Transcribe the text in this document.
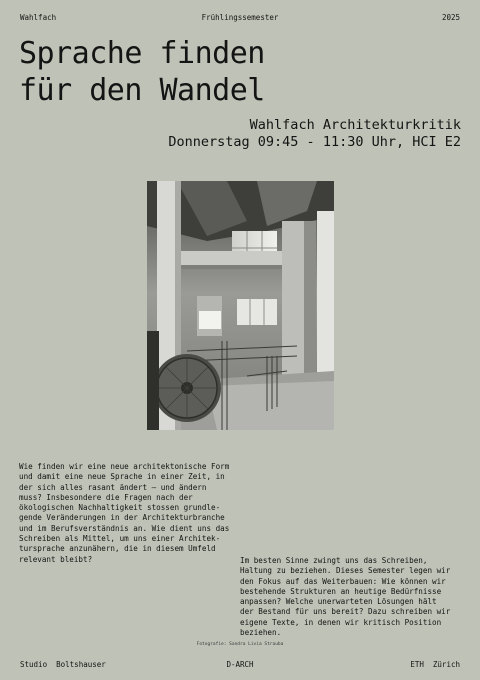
Wahlfach	Frühlingssemester	2025
Sprache finden
für den Wandel
Wahlfach Architekturkritik
Donnerstag 09:45 - 11:30 Uhr, HCI E2
Wie finden wir eine neue architektonische Form
und damit eine neue Sprache in einer Zeit, in
der sich alles rasant ändert – und ändern
muss? Insbesondere die Fragen nach der
ökologischen Nachhaltigkeit stossen grundle-
gende Veränderungen in der Architekturbranche
und im Berufsverständnis an. Wie dient uns das
Schreiben als Mittel, um uns einer Architek-
tursprache anzunähern, die in diesem Umfeld
relevant bleibt?	Im besten Sinne zwingt uns das Schreiben,
Haltung zu beziehen. Dieses Semester legen wir
den Fokus auf das Weiterbauen: Wie können wir
bestehende Strukturen an heutige Bedürfnisse
anpassen? Welche unerwarteten Lösungen hält
der Bestand für uns bereit? Dazu schreiben wir
eigene Texte, in denen wir kritisch Position
beziehen.
Fotografie: Sandra Livia Strauba
Studio  Boltshauser	D-ARCH	ETH  Zürich
